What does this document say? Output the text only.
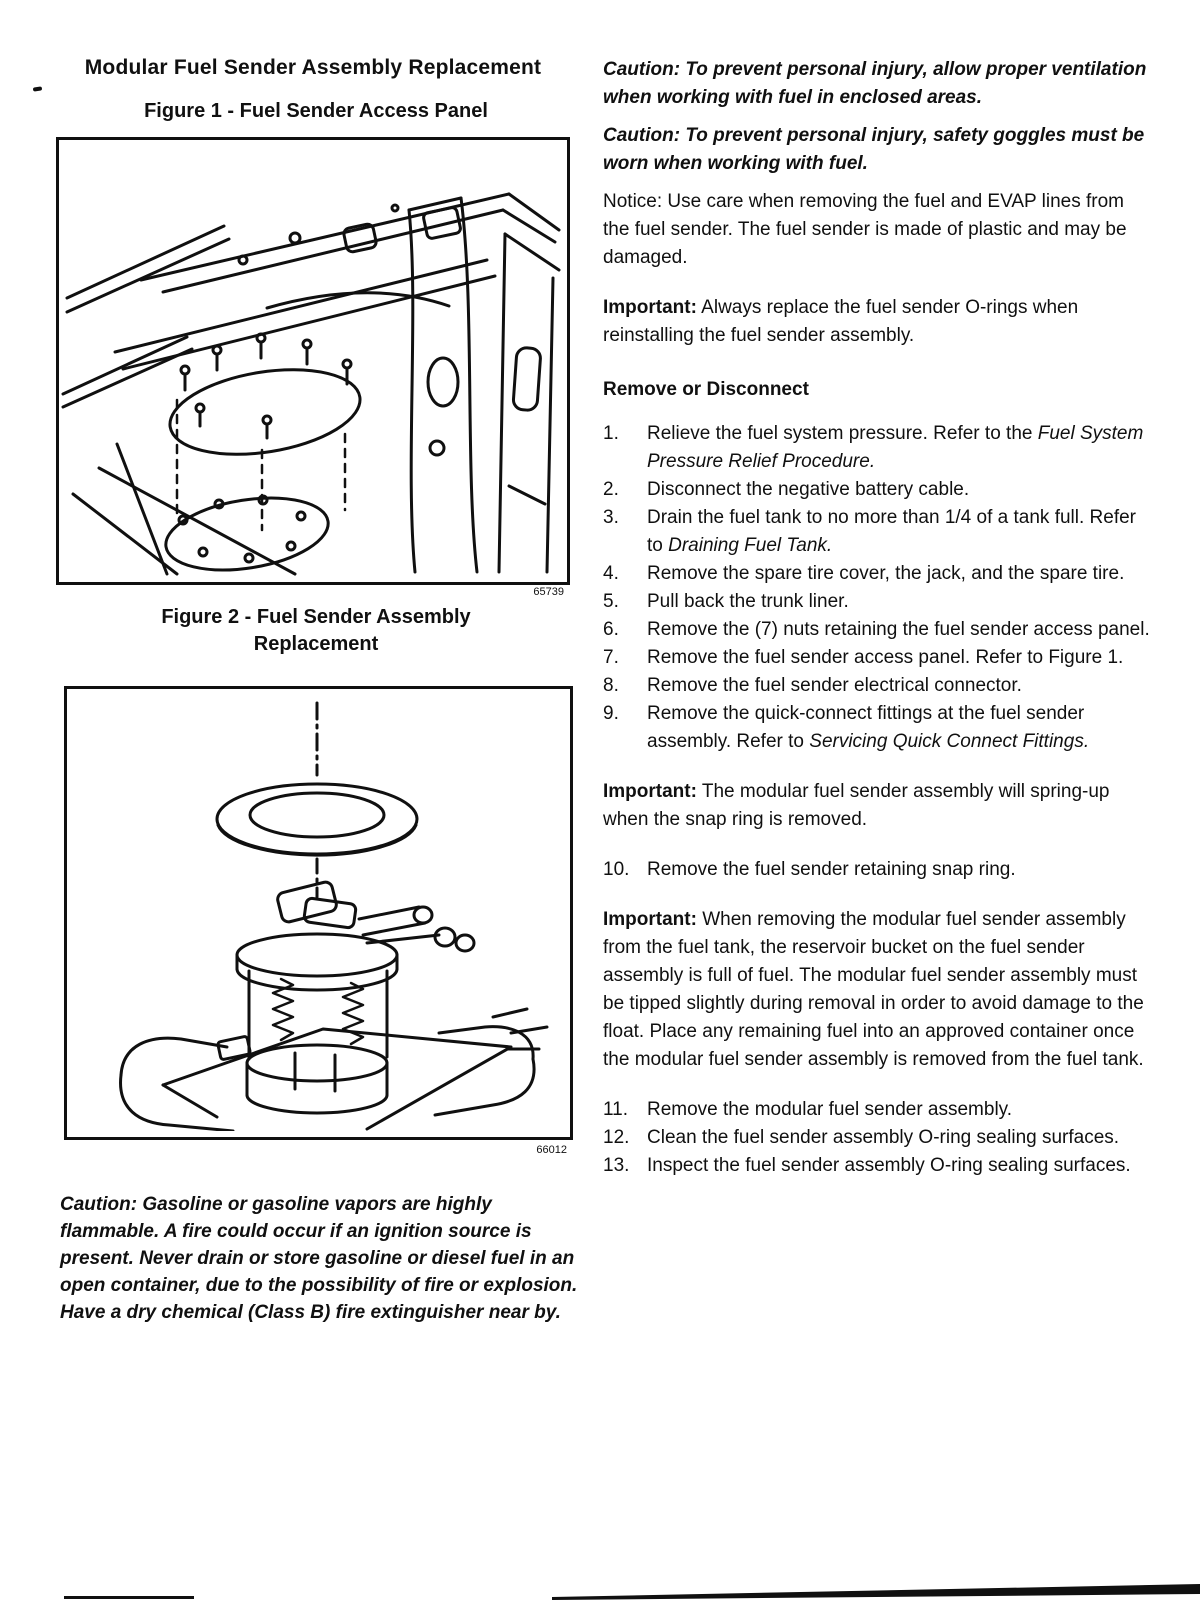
Modular Fuel Sender Assembly Replacement
Figure 1 - Fuel Sender Access Panel
65739
Figure 2 - Fuel Sender Assembly
Replacement
66012

Caution: Gasoline or gasoline vapors are highly flammable. A fire could occur if an ignition source is present. Never drain or store gasoline or diesel fuel in an open container, due to the possibility of fire or explosion. Have a dry chemical (Class B) fire extinguisher near by.

Caution: To prevent personal injury, allow proper ventilation when working with fuel in enclosed areas.

Caution: To prevent personal injury, safety goggles must be worn when working with fuel.

Notice: Use care when removing the fuel and EVAP lines from the fuel sender. The fuel sender is made of plastic and may be damaged.

Important: Always replace the fuel sender O-rings when reinstalling the fuel sender assembly.

Remove or Disconnect
1.	Relieve the fuel system pressure. Refer to the Fuel System Pressure Relief Procedure.
2.	Disconnect the negative battery cable.
3.	Drain the fuel tank to no more than 1/4 of a tank full. Refer to Draining Fuel Tank.
4.	Remove the spare tire cover, the jack, and the spare tire.
5.	Pull back the trunk liner.
6.	Remove the (7) nuts retaining the fuel sender access panel.
7.	Remove the fuel sender access panel. Refer to Figure 1.
8.	Remove the fuel sender electrical connector.
9.	Remove the quick-connect fittings at the fuel sender assembly. Refer to Servicing Quick Connect Fittings.

Important: The modular fuel sender assembly will spring-up when the snap ring is removed.

10. Remove the fuel sender retaining snap ring.

Important: When removing the modular fuel sender assembly from the fuel tank, the reservoir bucket on the fuel sender assembly is full of fuel. The modular fuel sender assembly must be tipped slightly during removal in order to avoid damage to the float. Place any remaining fuel into an approved container once the modular fuel sender assembly is removed from the fuel tank.

11. Remove the modular fuel sender assembly.
12. Clean the fuel sender assembly O-ring sealing surfaces.
13. Inspect the fuel sender assembly O-ring sealing surfaces.
